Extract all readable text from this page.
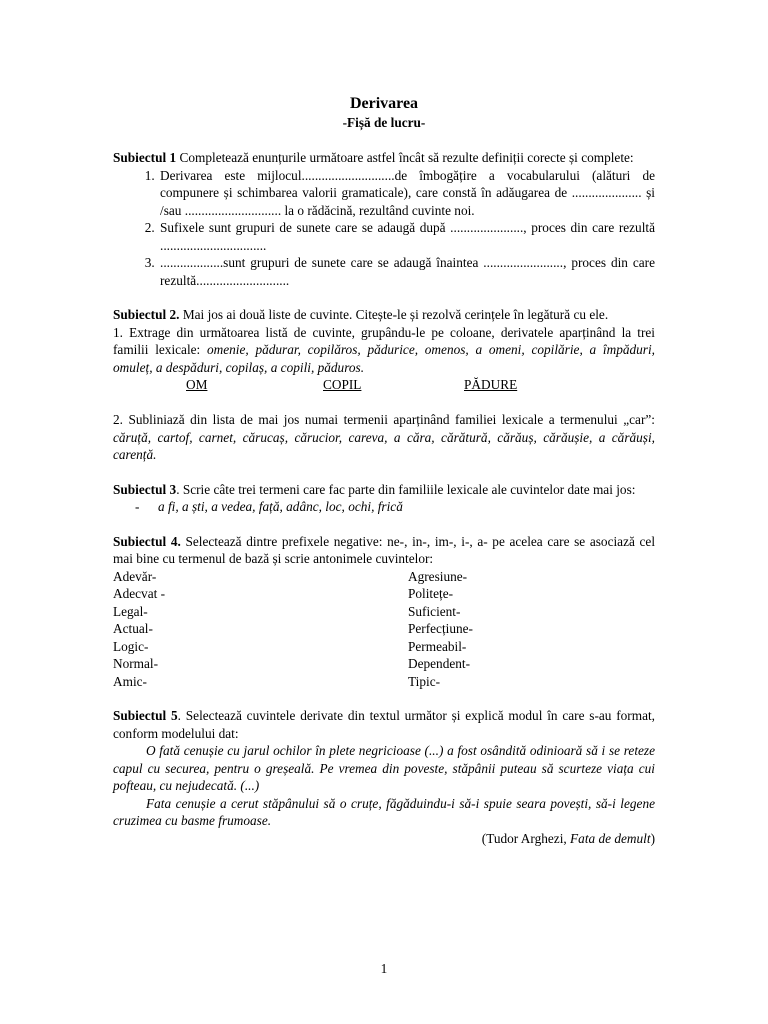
Derivarea
-Fișă de lucru-
Subiectul 1 Completează enunțurile următoare astfel încât să rezulte definiții corecte și complete:
1. Derivarea este mijlocul............................de îmbogățire a vocabularului (alături de compunere și schimbarea valorii gramaticale), care constă în adăugarea de ..................... și /sau ............................. la o rădăcină, rezultând cuvinte noi.
2. Sufixele sunt grupuri de sunete care se adaugă după ......................, proces din care rezultă ................................
3. ...................sunt grupuri de sunete care se adaugă înaintea ........................, proces din care rezultă............................
Subiectul 2. Mai jos ai două liste de cuvinte. Citește-le și rezolvă cerințele în legătură cu ele.
1. Extrage din următoarea listă de cuvinte, grupându-le pe coloane, derivatele aparținând la trei familii lexicale: omenie, pădurar, copilăros, pădurice, omenos, a omeni, copilărie, a împăduri, omuleț, a despăduri, copilaș, a copili, păduros.
OM	COPIL	PĂDURE
2. Subliniază din lista de mai jos numai termenii aparținând familiei lexicale a termenului „car”: căruță, cartof, carnet, cărucaș, cărucior, careva, a căra, cărătură, cărăuș, cărăușie, a cărăuși, carență.
Subiectul 3. Scrie câte trei termeni care fac parte din familiile lexicale ale cuvintelor date mai jos:
- a fi, a ști, a vedea, față, adânc, loc, ochi, frică
Subiectul 4. Selectează dintre prefixele negative: ne-, in-, im-, i-, a- pe acelea care se asociază cel mai bine cu termenul de bază și scrie antonimele cuvintelor:
Adevăr-	Agresiune-
Adecvat -	Politețe-
Legal-	Suficient-
Actual-	Perfecțiune-
Logic-	Permeabil-
Normal-	Dependent-
Amic-	Tipic-
Subiectul 5. Selectează cuvintele derivate din textul următor și explică modul în care s-au format, conform modelului dat:
O fată cenușie cu jarul ochilor în plete negricioase (...) a fost osândită odinioară să i se reteze capul cu securea, pentru o greșeală. Pe vremea din poveste, stăpânii puteau să scurteze viața cui pofteau, cu nejudecată. (...)
Fata cenușie a cerut stăpânului să o cruțe, făgăduindu-i să-i spuie seara povești, să-i legene cruzimea cu basme frumoase.
(Tudor Arghezi, Fata de demult)
1
